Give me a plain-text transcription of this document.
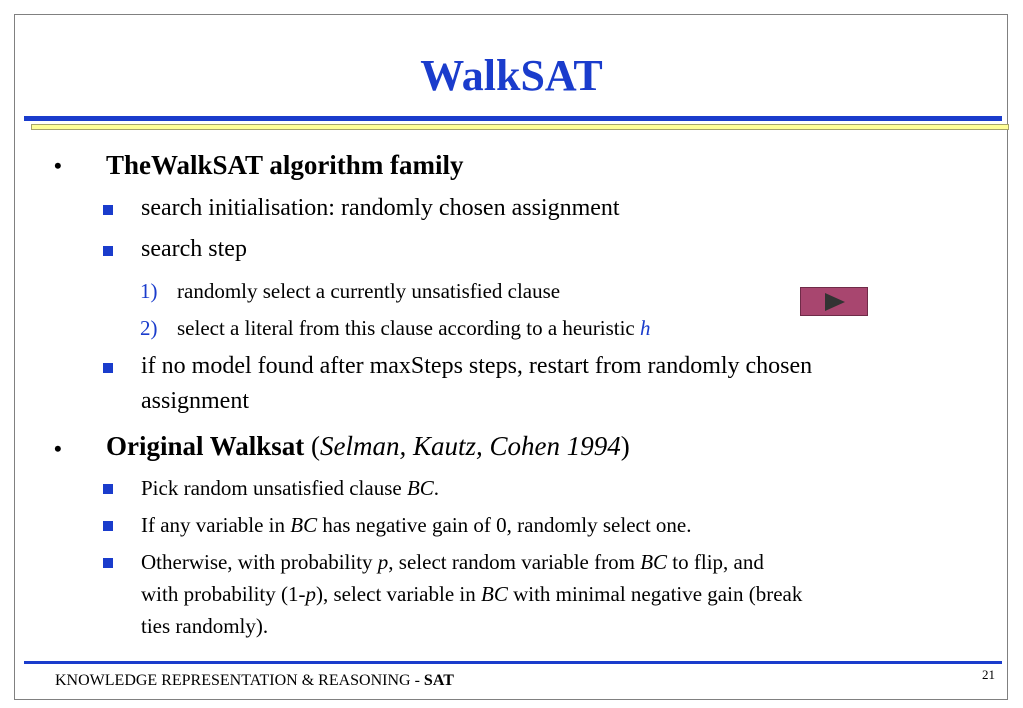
WalkSAT
• TheWalkSAT algorithm family
search initialisation: randomly chosen assignment
search step
1) randomly select a currently unsatisfied clause
2) select a literal from this clause according to a heuristic h
if no model found after maxSteps steps, restart from randomly chosen
assignment
• Original Walksat (Selman, Kautz, Cohen 1994)
Pick random unsatisfied clause BC.
If any variable in BC has negative gain of 0, randomly select one.
Otherwise, with probability p, select random variable from BC to flip, and
with probability (1-p), select variable in BC with minimal negative gain (break
ties randomly).
KNOWLEDGE REPRESENTATION & REASONING - SAT	21
